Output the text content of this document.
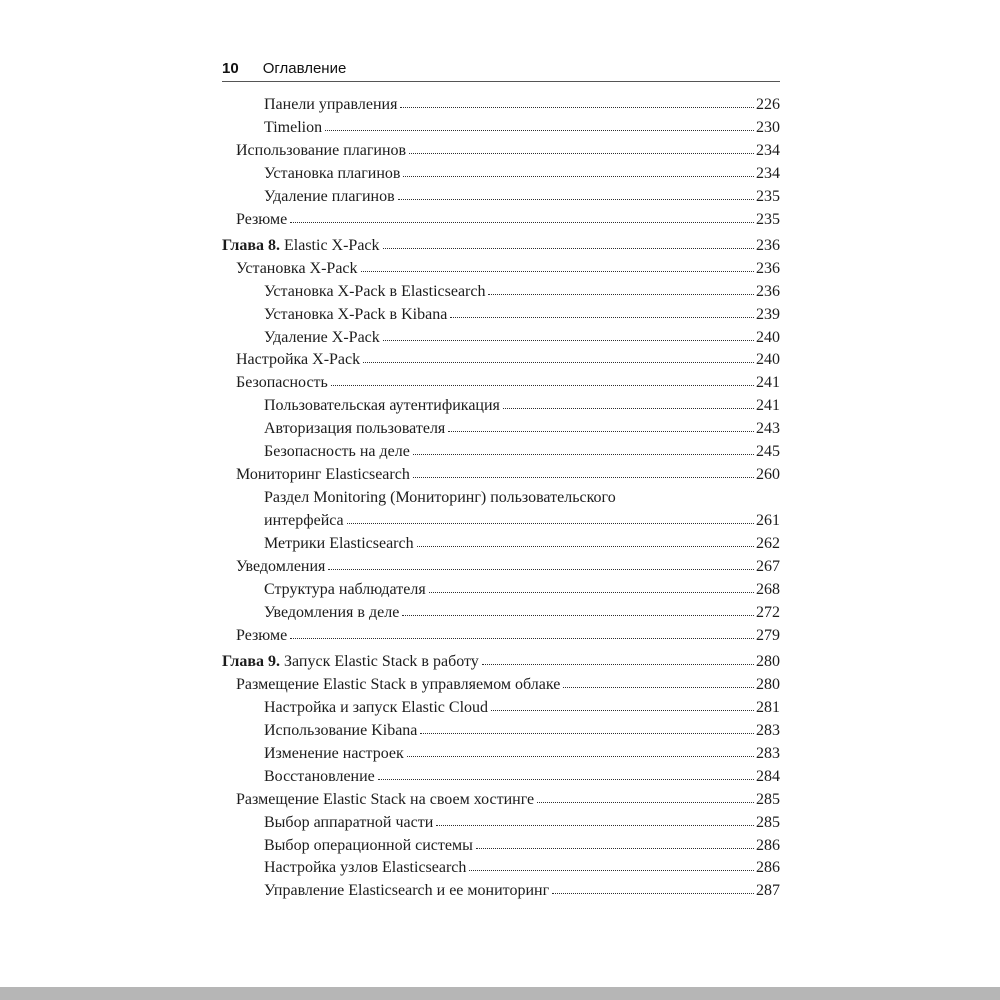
10 Оглавление
Панели управления	226
Timelion	230
Использование плагинов	234
Установка плагинов	234
Удаление плагинов	235
Резюме	235
Глава 8. Elastic X-Pack	236
Установка X-Pack	236
Установка X-Pack в Elasticsearch	236
Установка X-Pack в Kibana	239
Удаление X-Pack	240
Настройка X-Pack	240
Безопасность	241
Пользовательская аутентификация	241
Авторизация пользователя	243
Безопасность на деле	245
Мониторинг Elasticsearch	260
Раздел Monitoring (Мониторинг) пользовательского
интерфейса	261
Метрики Elasticsearch	262
Уведомления	267
Структура наблюдателя	268
Уведомления в деле	272
Резюме	279
Глава 9. Запуск Elastic Stack в работу	280
Размещение Elastic Stack в управляемом облаке	280
Настройка и запуск Elastic Cloud	281
Использование Kibana	283
Изменение настроек	283
Восстановление	284
Размещение Elastic Stack на своем хостинге	285
Выбор аппаратной части	285
Выбор операционной системы	286
Настройка узлов Elasticsearch	286
Управление Elasticsearch и ее мониторинг	287
